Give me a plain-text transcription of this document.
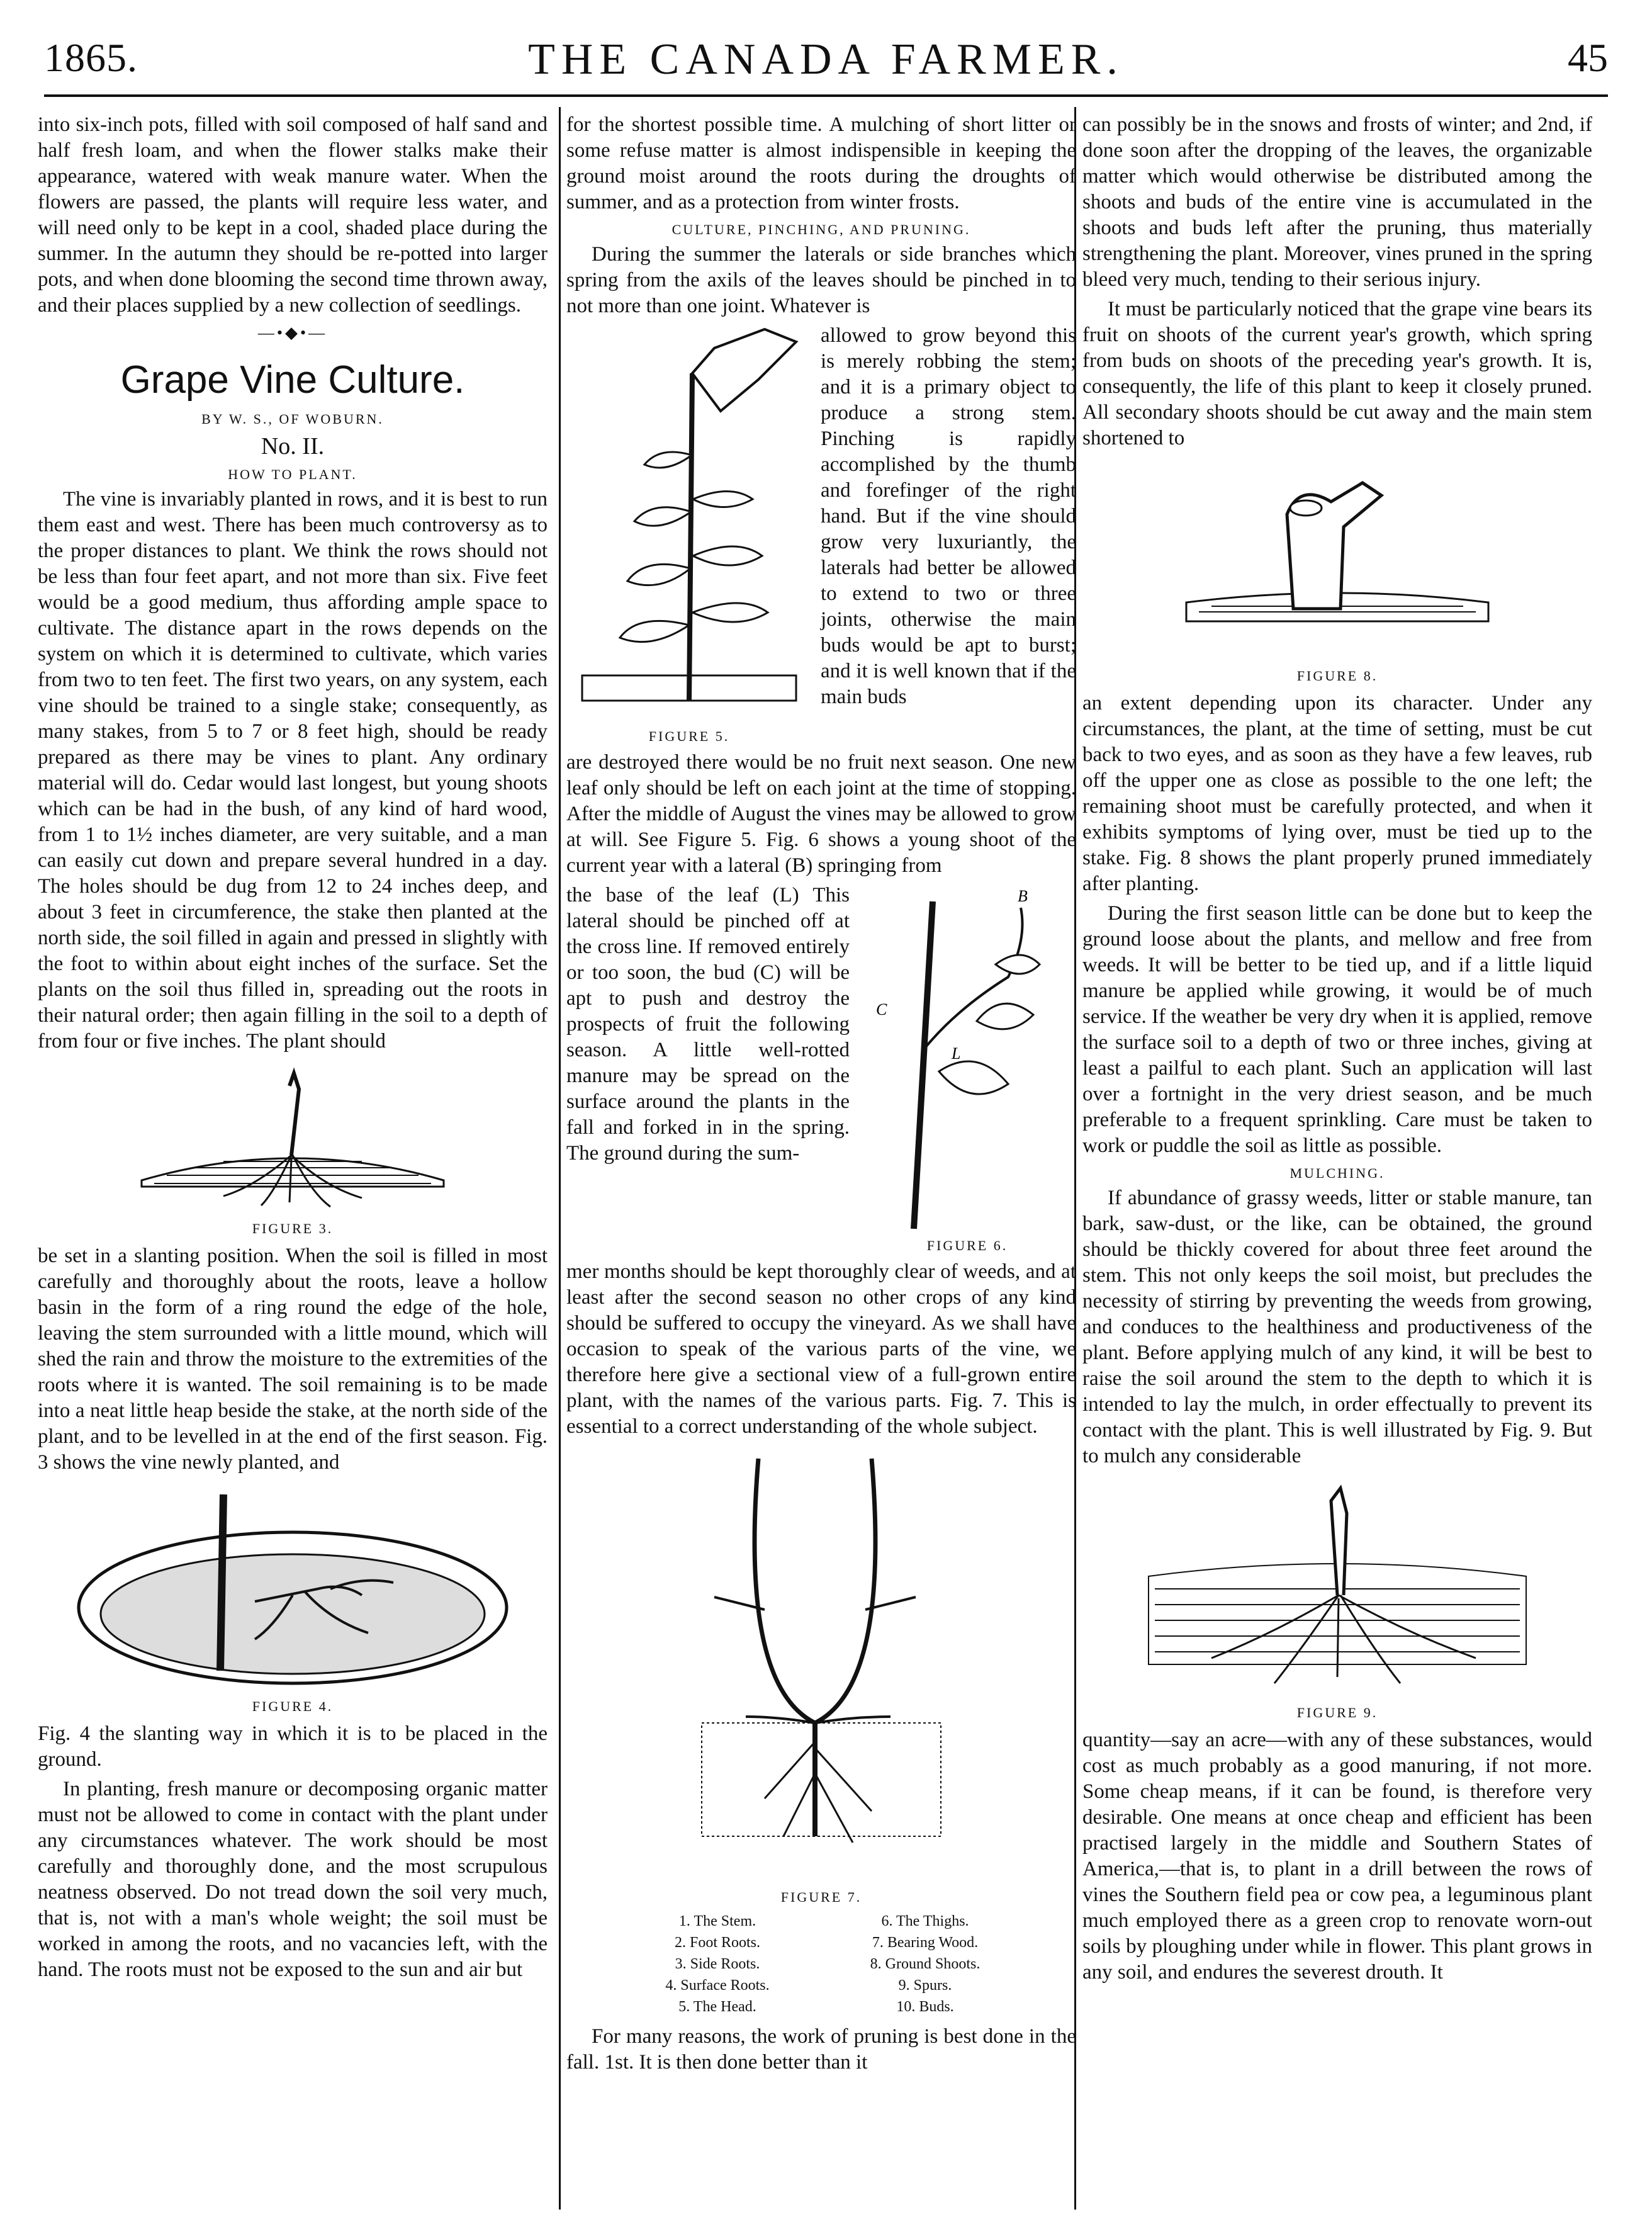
1865.	THE CANADA FARMER.	45

into six-inch pots, filled with soil composed of half sand and half fresh loam, and when the flower stalks make their appearance, watered with weak manure water. When the flowers are passed, the plants will require less water, and will need only to be kept in a cool, shaded place during the summer. In the autumn they should be re-potted into larger pots, and when done blooming the second time thrown away, and their places supplied by a new collection of seedlings.

—•◆•—
Grape Vine Culture.
BY W. S., OF WOBURN.
No. II.
HOW TO PLANT.

The vine is invariably planted in rows, and it is best to run them east and west. There has been much controversy as to the proper distances to plant. We think the rows should not be less than four feet apart, and not more than six. Five feet would be a good medium, thus affording ample space to cultivate. The distance apart in the rows depends on the system on which it is determined to cultivate, which varies from two to ten feet. The first two years, on any system, each vine should be trained to a single stake; consequently, as many stakes, from 5 to 7 or 8 feet high, should be ready prepared as there may be vines to plant. Any ordinary material will do. Cedar would last longest, but young shoots which can be had in the bush, of any kind of hard wood, from 1 to 1½ inches diameter, are very suitable, and a man can easily cut down and prepare several hundred in a day. The holes should be dug from 12 to 24 inches deep, and about 3 feet in circumference, the stake then planted at the north side, the soil filled in again and pressed in slightly with the foot to within about eight inches of the surface. Set the plants on the soil thus filled in, spreading out the roots in their natural order; then again filling in the soil to a depth of from four or five inches. The plant should

FIGURE 3.

be set in a slanting position. When the soil is filled in most carefully and thoroughly about the roots, leave a hollow basin in the form of a ring round the edge of the hole, leaving the stem surrounded with a little mound, which will shed the rain and throw the moisture to the extremities of the roots where it is wanted. The soil remaining is to be made into a neat little heap beside the stake, at the north side of the plant, and to be levelled in at the end of the first season. Fig. 3 shows the vine newly planted, and

FIGURE 4.

Fig. 4 the slanting way in which it is to be placed in the ground.

In planting, fresh manure or decomposing organic matter must not be allowed to come in contact with the plant under any circumstances whatever. The work should be most carefully and thoroughly done, and the most scrupulous neatness observed. Do not tread down the soil very much, that is, not with a man's whole weight; the soil must be worked in among the roots, and no vacancies left, with the hand. The roots must not be exposed to the sun and air but

for the shortest possible time. A mulching of short litter or some refuse matter is almost indispensible in keeping the ground moist around the roots during the droughts of summer, and as a protection from winter frosts.

CULTURE, PINCHING, AND PRUNING.

During the summer the laterals or side branches which spring from the axils of the leaves should be pinched in to not more than one joint. Whatever is

FIGURE 5.

allowed to grow beyond this is merely robbing the stem; and it is a primary object to produce a strong stem. Pinching is rapidly accomplished by the thumb and forefinger of the right hand. But if the vine should grow very luxuriantly, the laterals had better be allowed to extend to two or three joints, otherwise the main buds would be apt to burst; and it is well known that if the main buds

are destroyed there would be no fruit next season. One new leaf only should be left on each joint at the time of stopping. After the middle of August the vines may be allowed to grow at will. See Figure 5. Fig. 6 shows a young shoot of the current year with a lateral (B) springing from

the base of the leaf (L) This lateral should be pinched off at the cross line. If removed entirely or too soon, the bud (C) will be apt to push and destroy the prospects of fruit the following season. A little well-rotted manure may be spread on the surface around the plants in the fall and forked in in the spring. The ground during the sum-

B
C
L
FIGURE 6.

mer months should be kept thoroughly clear of weeds, and at least after the second season no other crops of any kind should be suffered to occupy the vineyard. As we shall have occasion to speak of the various parts of the vine, we therefore here give a sectional view of a full-grown entire plant, with the names of the various parts. Fig. 7. This is essential to a correct understanding of the whole subject.

FIGURE 7.
1. The Stem.	6. The Thighs.
2. Foot Roots.	7. Bearing Wood.
3. Side Roots.	8. Ground Shoots.
4. Surface Roots.	9. Spurs.
5. The Head.	10. Buds.

For many reasons, the work of pruning is best done in the fall. 1st. It is then done better than it

can possibly be in the snows and frosts of winter; and 2nd, if done soon after the dropping of the leaves, the organizable matter which would otherwise be distributed among the shoots and buds of the entire vine is accumulated in the shoots and buds left after the pruning, thus materially strengthening the plant. Moreover, vines pruned in the spring bleed very much, tending to their serious injury.

It must be particularly noticed that the grape vine bears its fruit on shoots of the current year's growth, which spring from buds on shoots of the preceding year's growth. It is, consequently, the life of this plant to keep it closely pruned. All secondary shoots should be cut away and the main stem shortened to

FIGURE 8.

an extent depending upon its character. Under any circumstances, the plant, at the time of setting, must be cut back to two eyes, and as soon as they have a few leaves, rub off the upper one as close as possible to the one left; the remaining shoot must be carefully protected, and when it exhibits symptoms of lying over, must be tied up to the stake. Fig. 8 shows the plant properly pruned immediately after planting.

During the first season little can be done but to keep the ground loose about the plants, and mellow and free from weeds. It will be better to be tied up, and if a little liquid manure be applied while growing, it would be of much service. If the weather be very dry when it is applied, remove the surface soil to a depth of two or three inches, giving at least a pailful to each plant. Such an application will last over a fortnight in the very driest season, and be much preferable to a frequent sprinkling. Care must be taken to work or puddle the soil as little as possible.

MULCHING.

If abundance of grassy weeds, litter or stable manure, tan bark, saw-dust, or the like, can be obtained, the ground should be thickly covered for about three feet around the stem. This not only keeps the soil moist, but precludes the necessity of stirring by preventing the weeds from growing, and conduces to the healthiness and productiveness of the plant. Before applying mulch of any kind, it will be best to raise the soil around the stem to the depth to which it is intended to lay the mulch, in order effectually to prevent its contact with the plant. This is well illustrated by Fig. 9. But to mulch any considerable

FIGURE 9.

quantity—say an acre—with any of these substances, would cost as much probably as a good manuring, if not more. Some cheap means, if it can be found, is therefore very desirable. One means at once cheap and efficient has been practised largely in the middle and Southern States of America,—that is, to plant in a drill between the rows of vines the Southern field pea or cow pea, a leguminous plant much employed there as a green crop to renovate worn-out soils by ploughing under while in flower. This plant grows in any soil, and endures the severest drouth. It
